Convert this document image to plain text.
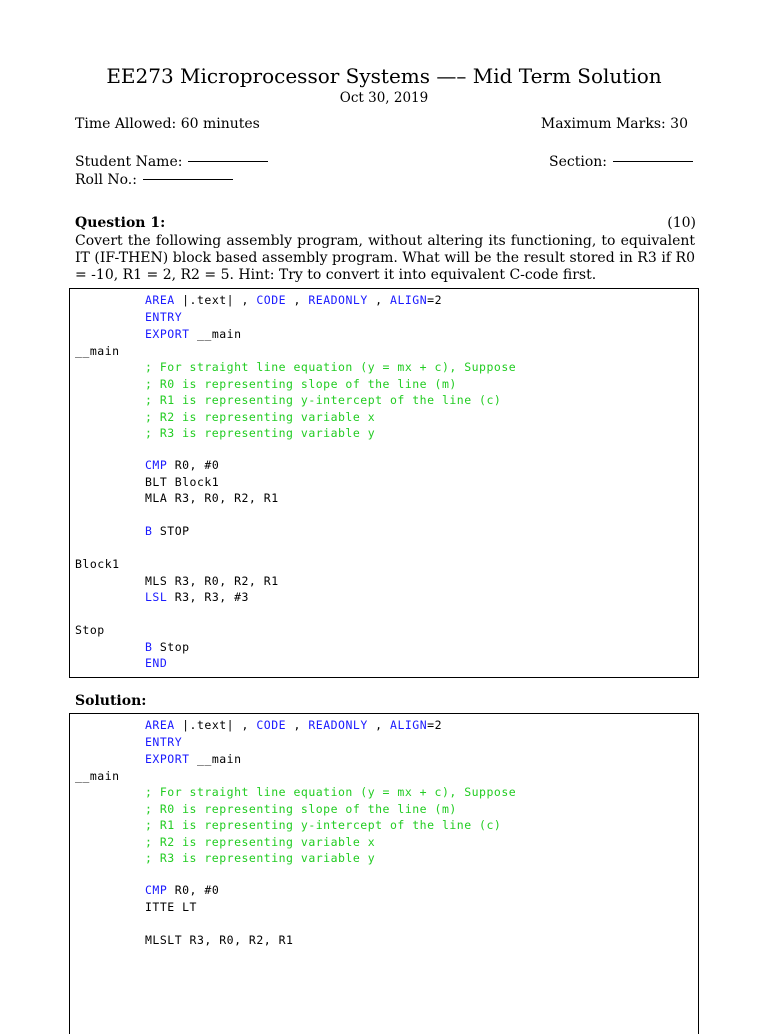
EE273 Microprocessor Systems —– Mid Term Solution
Oct 30, 2019
Time Allowed: 60 minutes	Maximum Marks: 30
Student Name:	Section:
Roll No.:
Question 1:	(10)
Covert the following assembly program, without altering its functioning, to equivalent IT (IF-THEN) block based assembly program. What will be the result stored in R3 if R0 = -10, R1 = 2, R2 = 5. Hint: Try to convert it into equivalent C-code first.
AREA |.text| , CODE , READONLY , ALIGN=2
ENTRY
EXPORT __main
__main
; For straight line equation (y = mx + c), Suppose
; R0 is representing slope of the line (m)
; R1 is representing y-intercept of the line (c)
; R2 is representing variable x
; R3 is representing variable y
CMP R0, #0
BLT Block1
MLA R3, R0, R2, R1
B STOP
Block1
MLS R3, R0, R2, R1
LSL R3, R3, #3
Stop
B Stop
END
Solution:
AREA |.text| , CODE , READONLY , ALIGN=2
ENTRY
EXPORT __main
__main
; For straight line equation (y = mx + c), Suppose
; R0 is representing slope of the line (m)
; R1 is representing y-intercept of the line (c)
; R2 is representing variable x
; R3 is representing variable y
CMP R0, #0
ITTE LT
MLSLT R3, R0, R2, R1
